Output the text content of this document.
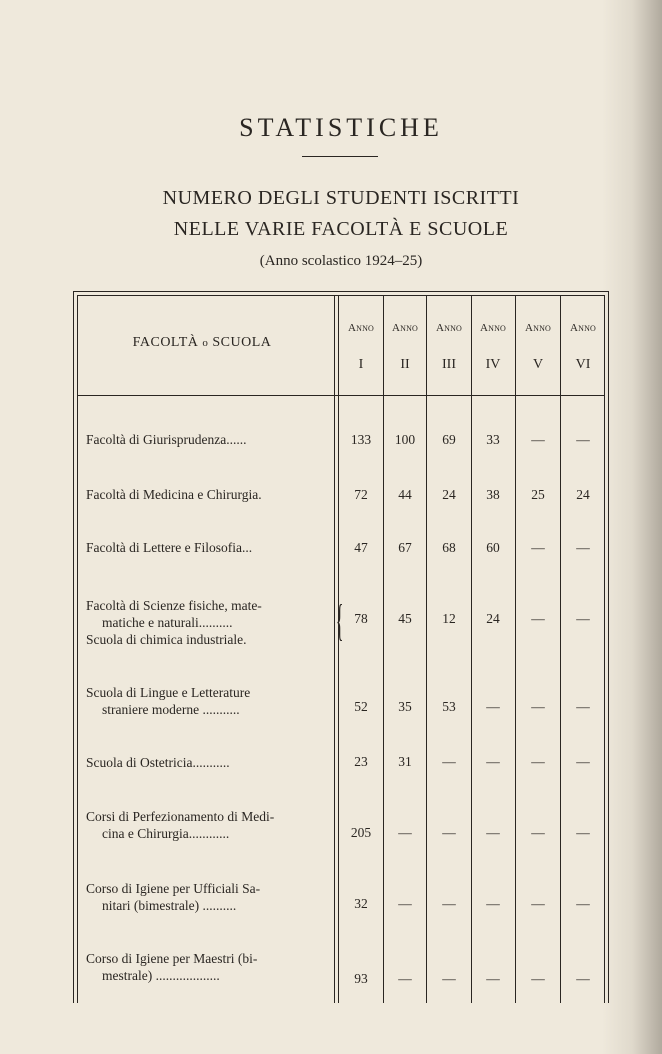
STATISTICHE
NUMERO DEGLI STUDENTI ISCRITTI
NELLE VARIE FACOLTÀ E SCUOLE
(Anno scolastico 1924–25)
FACOLTÀ o SCUOLA
Anno	Anno	Anno	Anno	Anno	Anno
I	II	III	IV	V	VI
{
Facoltà di Giurisprudenza......	133	100	69	33	—	—
Facoltà di Medicina e Chirurgia.	72	44	24	38	25	24
Facoltà di Lettere e Filosofia...	47	67	68	60	—	—
Facoltà di Scienze fisiche, mate-
matiche e naturali..........
Scuola di chimica industriale.
78	45	12	24	—	—
Scuola di Lingue e Letterature
straniere moderne ...........	52	35	53	—	—	—
Scuola di Ostetricia...........	23	31	—	—	—	—
Corsi di Perfezionamento di Medi-
cina e Chirurgia............	205	—	—	—	—	—
Corso di Igiene per Ufficiali Sa-
nitari (bimestrale) ..........	32	—	—	—	—	—
Corso di Igiene per Maestri (bi-
mestrale) ...................	93	—	—	—	—	—
